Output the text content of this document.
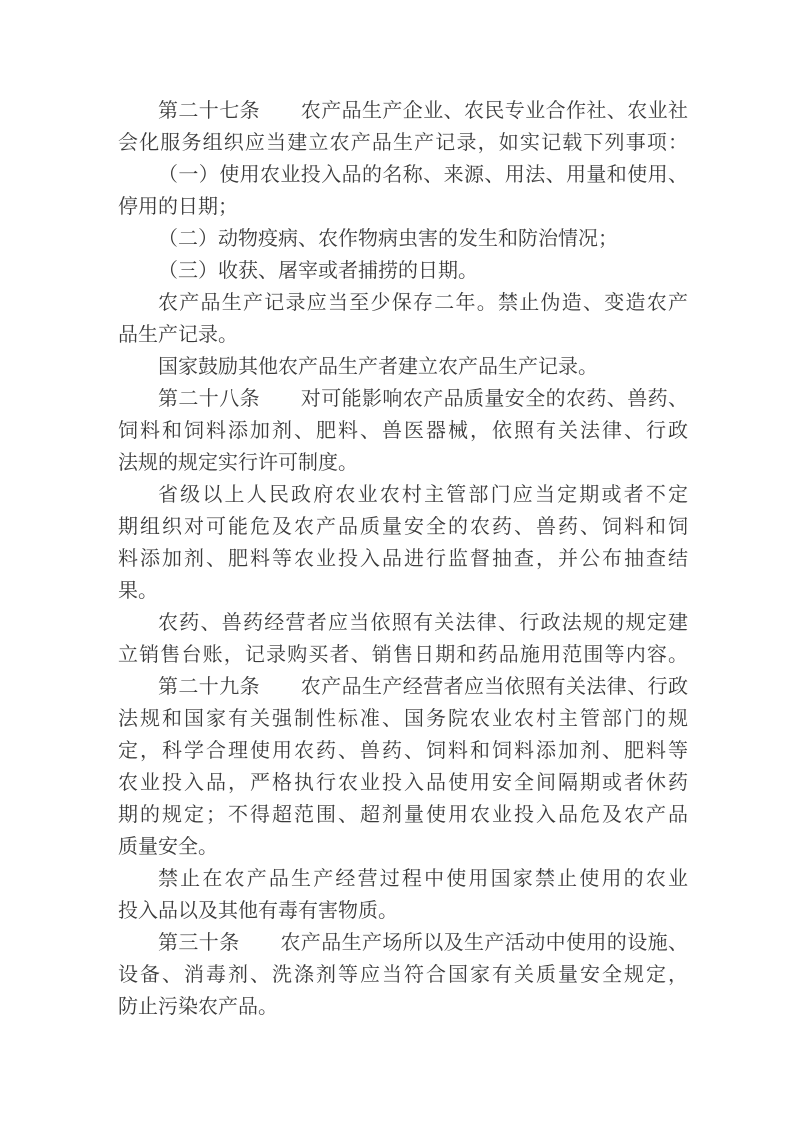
第二十七条　　农产品生产企业、农民专业合作社、农业社
会化服务组织应当建立农产品生产记录，如实记载下列事项：

（一）使用农业投入品的名称、来源、用法、用量和使用、
停用的日期；

（二）动物疫病、农作物病虫害的发生和防治情况；

（三）收获、屠宰或者捕捞的日期。

农产品生产记录应当至少保存二年。禁止伪造、变造农产
品生产记录。

国家鼓励其他农产品生产者建立农产品生产记录。

第二十八条　　对可能影响农产品质量安全的农药、兽药、
饲料和饲料添加剂、肥料、兽医器械，依照有关法律、行政
法规的规定实行许可制度。

省级以上人民政府农业农村主管部门应当定期或者不定
期组织对可能危及农产品质量安全的农药、兽药、饲料和饲
料添加剂、肥料等农业投入品进行监督抽查，并公布抽查结
果。

农药、兽药经营者应当依照有关法律、行政法规的规定建
立销售台账，记录购买者、销售日期和药品施用范围等内容。

第二十九条　　农产品生产经营者应当依照有关法律、行政
法规和国家有关强制性标准、国务院农业农村主管部门的规
定，科学合理使用农药、兽药、饲料和饲料添加剂、肥料等
农业投入品，严格执行农业投入品使用安全间隔期或者休药
期的规定；不得超范围、超剂量使用农业投入品危及农产品
质量安全。

禁止在农产品生产经营过程中使用国家禁止使用的农业
投入品以及其他有毒有害物质。

第三十条　　农产品生产场所以及生产活动中使用的设施、
设备、消毒剂、洗涤剂等应当符合国家有关质量安全规定，
防止污染农产品。
